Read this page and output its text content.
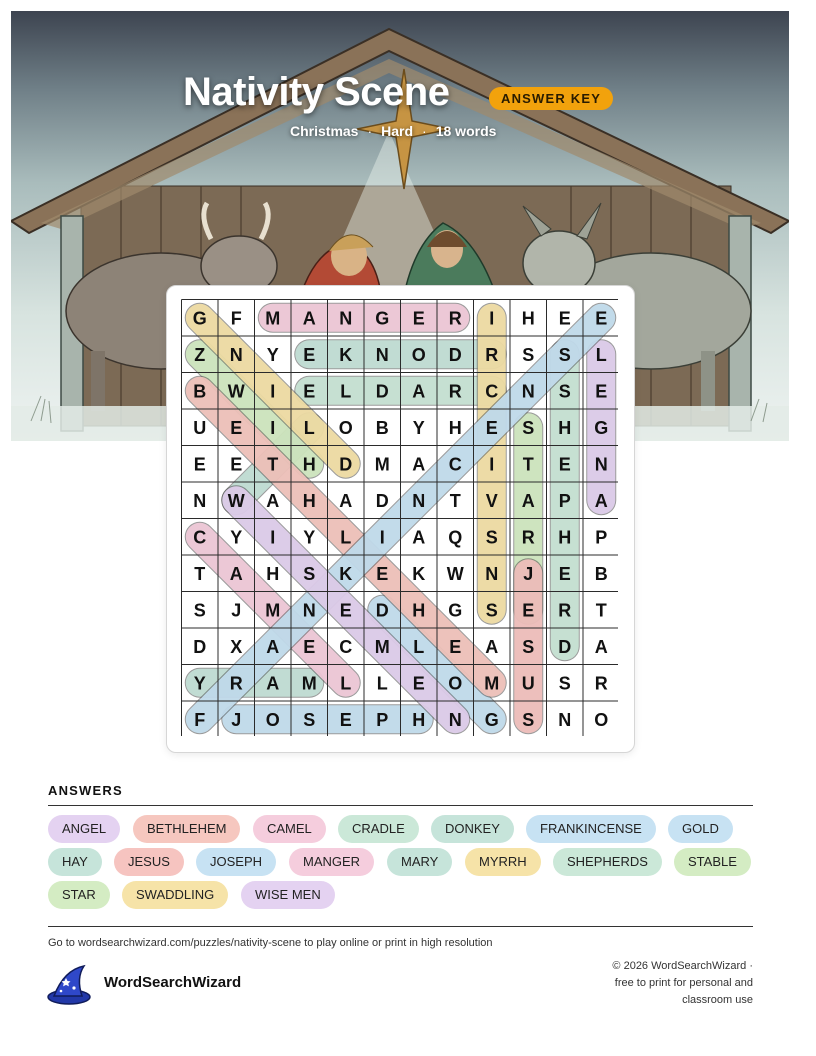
Nativity Scene	ANSWER KEY
Christmas · Hard · 18 words
G F M A N G E R I H E E
Z N Y E K N O D R S S L
B W I E L D A R C N S E
U E I L O B Y H E S H G
E E T H D M A C I T E N
N W A H A D N T V A P A
C Y I Y L I A Q S R H P
T A H S K E K W N J E B
S J M N E D H G S E R T
D X A E C M L E A S D A
Y R A M L L E O M U S R
F J O S E P H N G S N O
ANSWERS
ANGEL	BETHLEHEM	CAMEL	CRADLE	DONKEY	FRANKINCENSE	GOLD
HAY	JESUS	JOSEPH	MANGER	MARY	MYRRH	SHEPHERDS	STABLE
STAR	SWADDLING	WISE MEN
Go to wordsearchwizard.com/puzzles/nativity-scene to play online or print in high resolution
WordSearchWizard
© 2026 WordSearchWizard ·
free to print for personal and
classroom use
